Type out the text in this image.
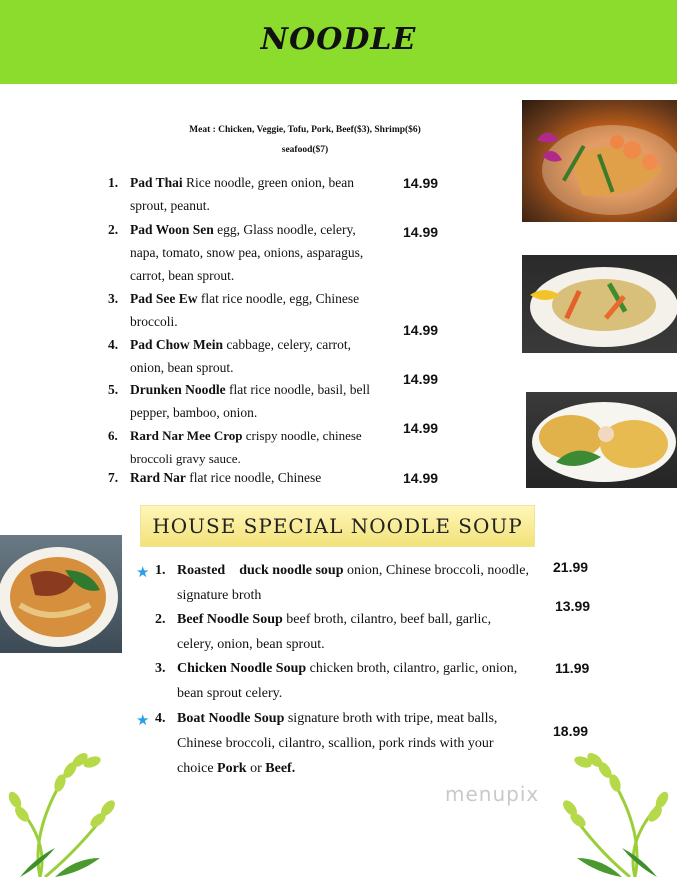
NOODLE
Meat : Chicken, Veggie, Tofu, Pork, Beef($3), Shrimp($6)
seafood($7)
1. Pad Thai Rice noodle, green onion, bean sprout, peanut.
14.99
2. Pad Woon Sen egg, Glass noodle, celery, napa, tomato, snow pea, onions, asparagus, carrot, bean sprout.
14.99
3. Pad See Ew flat rice noodle, egg, Chinese broccoli.
4. Pad Chow Mein cabbage, celery, carrot, onion, bean sprout.
14.99
5. Drunken Noodle flat rice noodle, basil, bell pepper, bamboo, onion.
14.99
6. Rard Nar Mee Crop crispy noodle, chinese broccoli gravy sauce.
14.99
7. Rard Nar flat rice noodle, Chinese	14.99
HOUSE SPECIAL NOODLE SOUP
★ 1. Roasted    duck noodle soup onion, Chinese broccoli, noodle, signature broth
21.99
2. Beef Noodle Soup beef broth, cilantro, beef ball, garlic, celery, onion, bean sprout.
13.99
3. Chicken Noodle Soup chicken broth, cilantro, garlic, onion, bean sprout celery.
11.99
★ 4. Boat Noodle Soup signature broth with tripe, meat balls, Chinese broccoli, cilantro, scallion, pork rinds with your choice Pork or Beef.
18.99
menupix
